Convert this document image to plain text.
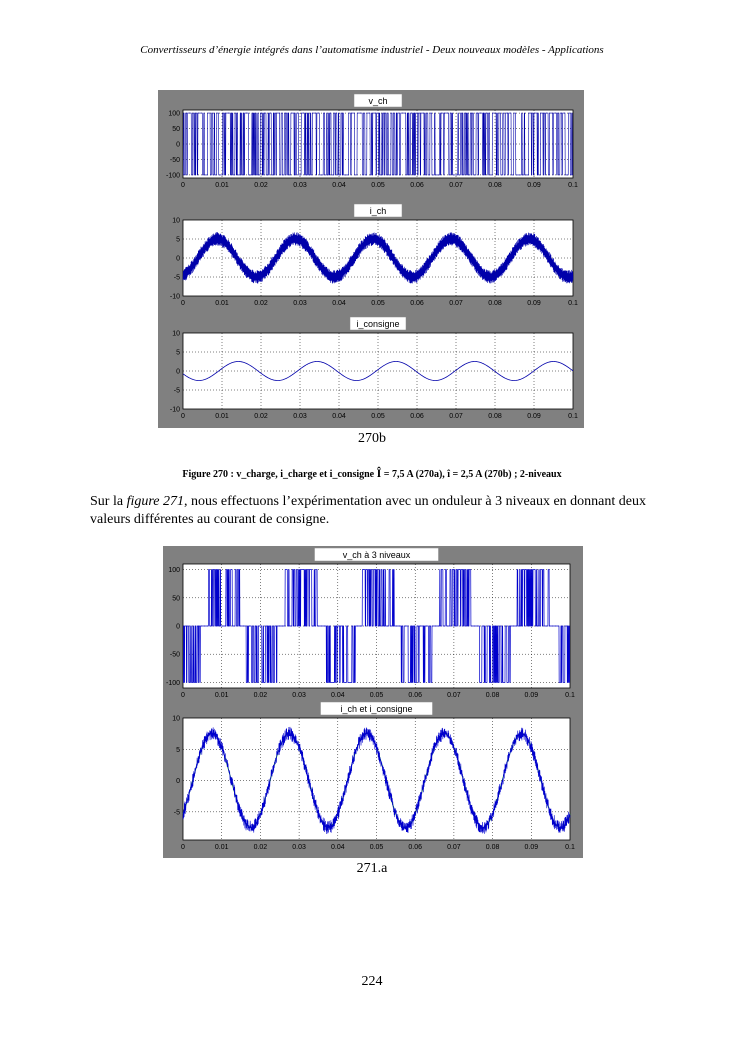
Convertisseurs d’énergie intégrés dans l’automatisme industriel - Deux nouveaux modèles - Applications
0	0.01	0.02	0.03	0.04	0.05	0.06	0.07	0.08	0.09	0.1
100
50
0
-50
-100
v_ch
0	0.01	0.02	0.03	0.04	0.05	0.06	0.07	0.08	0.09	0.1
10
5
0
-5
-10
i_ch
0	0.01	0.02	0.03	0.04	0.05	0.06	0.07	0.08	0.09	0.1
10
5
0
-5
-10
i_consigne
270b
Figure 270 : v_charge, i_charge et i_consigne Î = 7,5 A (270a), î = 2,5 A (270b) ; 2-niveaux
Sur la figure 271, nous effectuons l’expérimentation avec un onduleur à 3 niveaux en donnant deux valeurs différentes au courant de consigne.
0	0.01	0.02	0.03	0.04	0.05	0.06	0.07	0.08	0.09	0.1
100
50
0
-50
-100
v_ch à 3 niveaux
0	0.01	0.02	0.03	0.04	0.05	0.06	0.07	0.08	0.09	0.1
10
5
0
-5
i_ch et i_consigne
271.a
224
